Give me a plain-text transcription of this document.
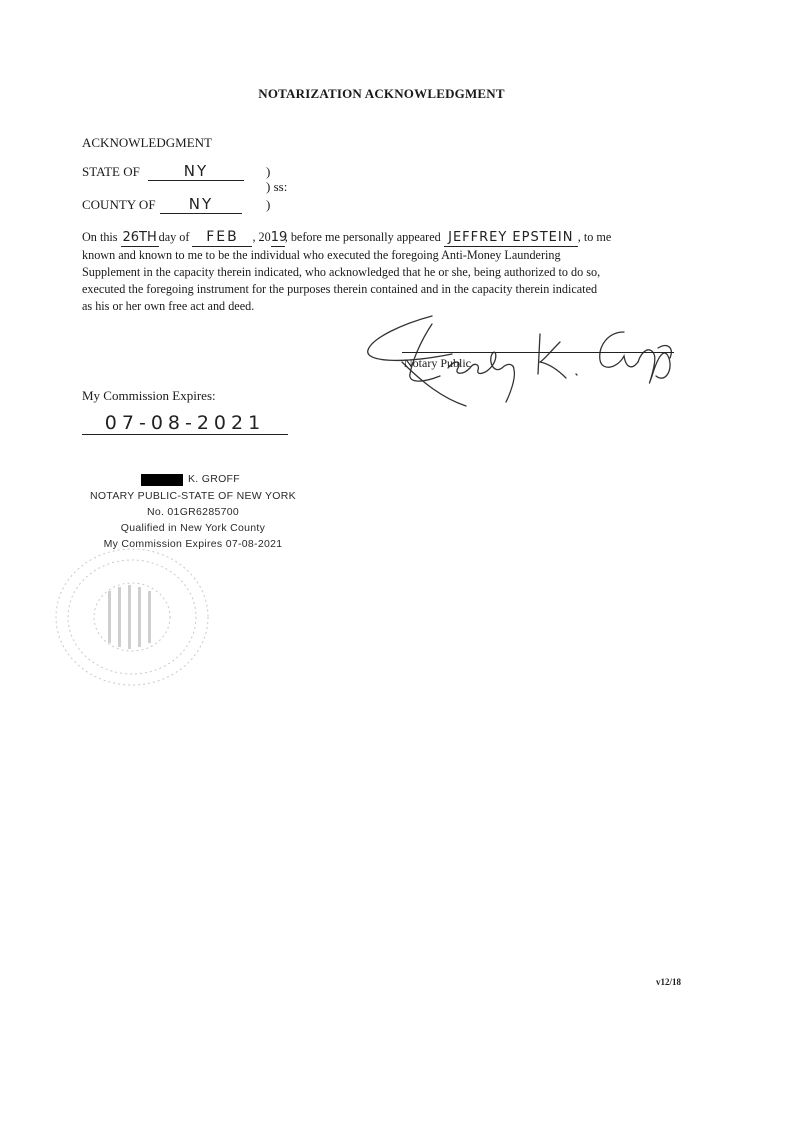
NOTARIZATION ACKNOWLEDGMENT
ACKNOWLEDGMENT
STATE OF	NY	)
) ss:
COUNTY OF	NY	)
On this 26TH day of FEB , 2019, before me personally appeared JEFFREY EPSTEIN , to me
known and known to me to be the individual who executed the foregoing Anti-Money Laundering
Supplement in the capacity therein indicated, who acknowledged that he or she, being authorized to do so,
executed the foregoing instrument for the purposes therein contained and in the capacity therein indicated
as his or her own free act and deed.
Notary Public
My Commission Expires:
07-08-2021
K. GROFF
NOTARY PUBLIC-STATE OF NEW YORK
No. 01GR6285700
Qualified in New York County
My Commission Expires 07-08-2021
v12/18
